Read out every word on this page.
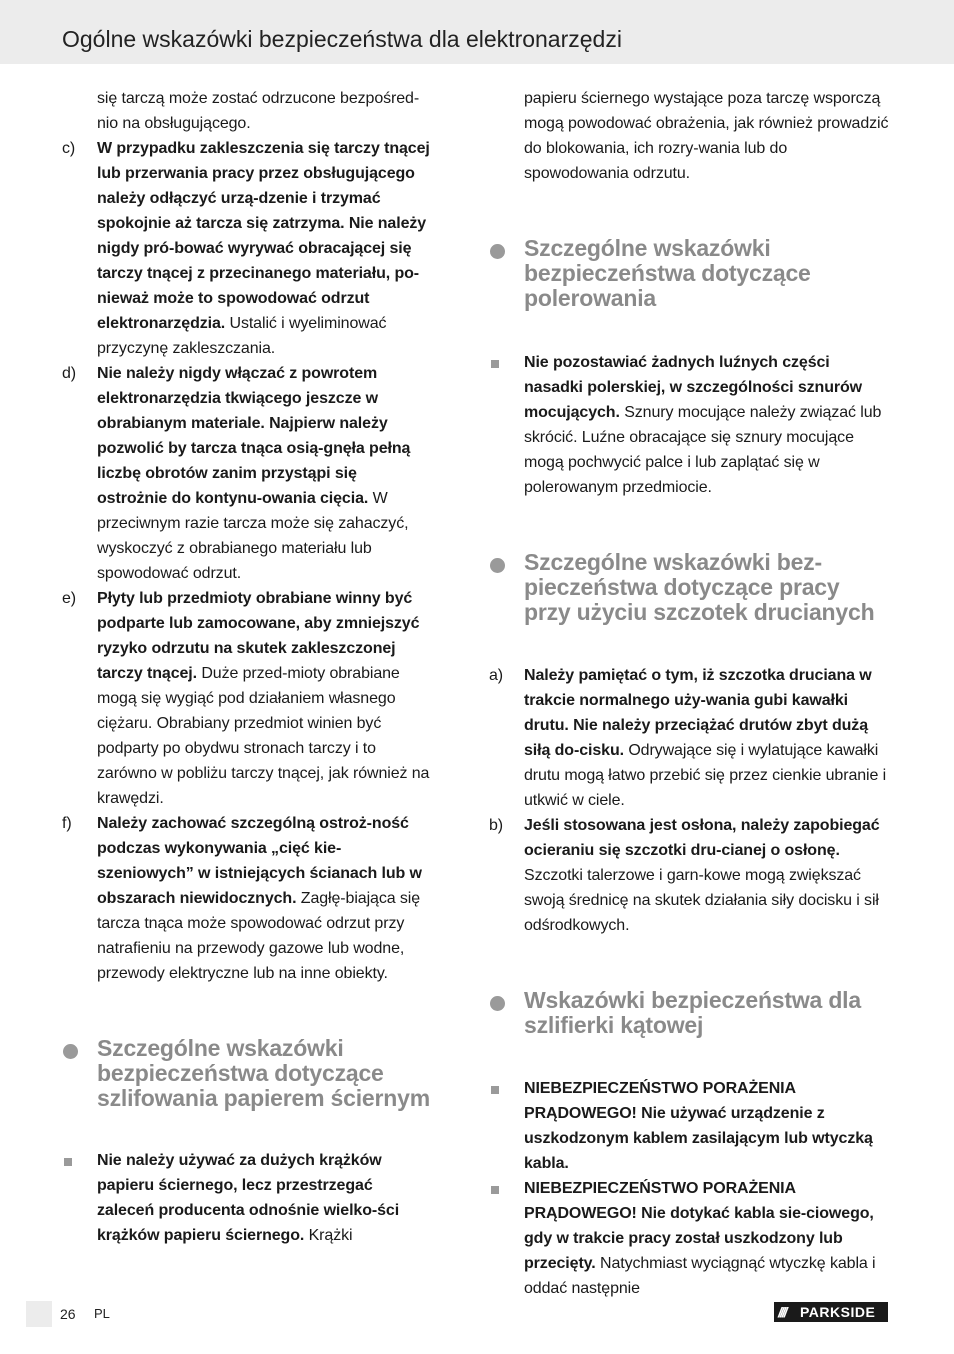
Ogólne wskazówki bezpieczeństwa dla elektronarzędzi
się tarczą może zostać odrzucone bezpośred-nio na obsługującego.
c)	W przypadku zakleszczenia się tarczy tnącej lub przerwania pracy przez obsługującego należy odłączyć urzą-dzenie i trzymać spokojnie aż tarcza się zatrzyma. Nie należy nigdy pró-bować wyrywać obracającej się tarczy tnącej z przecinanego materiału, po-nieważ może to spowodować odrzut elektronarzędzia. Ustalić i wyeliminować przyczynę zakleszczania.
d)	Nie należy nigdy włączać z powrotem elektronarzędzia tkwiącego jeszcze w obrabianym materiale. Najpierw należy pozwolić by tarcza tnąca osią-gnęła pełną liczbę obrotów zanim przystąpi się ostrożnie do kontynu-owania cięcia. W przeciwnym razie tarcza może się zahaczyć, wyskoczyć z obrabianego materiału lub spowodować odrzut.
e)	Płyty lub przedmioty obrabiane winny być podparte lub zamocowane, aby zmniejszyć ryzyko odrzutu na skutek zakleszczonej tarczy tnącej. Duże przed-mioty obrabiane mogą się wygiąć pod działaniem własnego ciężaru. Obrabiany przedmiot winien być podparty po obydwu stronach tarczy i to zarówno w pobliżu tarczy tnącej, jak również na krawędzi.
f)	Należy zachować szczególną ostroż-ność podczas wykonywania „cięć kie-szeniowych” w istniejących ścianach lub w obszarach niewidocznych. Zagłę-biająca się tarcza tnąca może spowodować odrzut przy natrafieniu na przewody gazowe lub wodne, przewody elektryczne lub na inne obiekty.
Szczególne wskazówki bezpieczeństwa dotyczące szlifowania papierem ściernym
Nie należy używać za dużych krążków papieru ściernego, lecz przestrzegać zaleceń producenta odnośnie wielko-ści krążków papieru ściernego. Krążki
papieru ściernego wystające poza tarczę wsporczą mogą powodować obrażenia, jak również prowadzić do blokowania, ich rozry-wania lub do spowodowania odrzutu.
Szczególne wskazówki bezpieczeństwa dotyczące polerowania
Nie pozostawiać żadnych luźnych części nasadki polerskiej, w szczególności sznurów mocujących. Sznury mocujące należy związać lub skrócić. Luźne obracające się sznury mocujące mogą pochwycić palce i lub zaplątać się w polerowanym przedmiocie.
Szczególne wskazówki bez-pieczeństwa dotyczące pracy przy użyciu szczotek drucianych
a)	Należy pamiętać o tym, iż szczotka druciana w trakcie normalnego uży-wania gubi kawałki drutu. Nie należy przeciążać drutów zbyt dużą siłą do-cisku. Odrywające się i wylatujące kawałki drutu mogą łatwo przebić się przez cienkie ubranie i utkwić w ciele.
b)	Jeśli stosowana jest osłona, należy zapobiegać ocieraniu się szczotki dru-cianej o osłonę. Szczotki talerzowe i garn-kowe mogą zwiększać swoją średnicę na skutek działania siły docisku i sił odśrodkowych.
Wskazówki bezpieczeństwa dla szlifierki kątowej
NIEBEZPIECZEŃSTWO PORAŻENIA PRĄDOWEGO! Nie używać urządzenie z uszkodzonym kablem zasilającym lub wtyczką kabla.
NIEBEZPIECZEŃSTWO PORAŻENIA PRĄDOWEGO! Nie dotykać kabla sie-ciowego, gdy w trakcie pracy został uszkodzony lub przecięty. Natychmiast wyciągnąć wtyczkę kabla i oddać następnie
26 PL	////	PARKSIDE
